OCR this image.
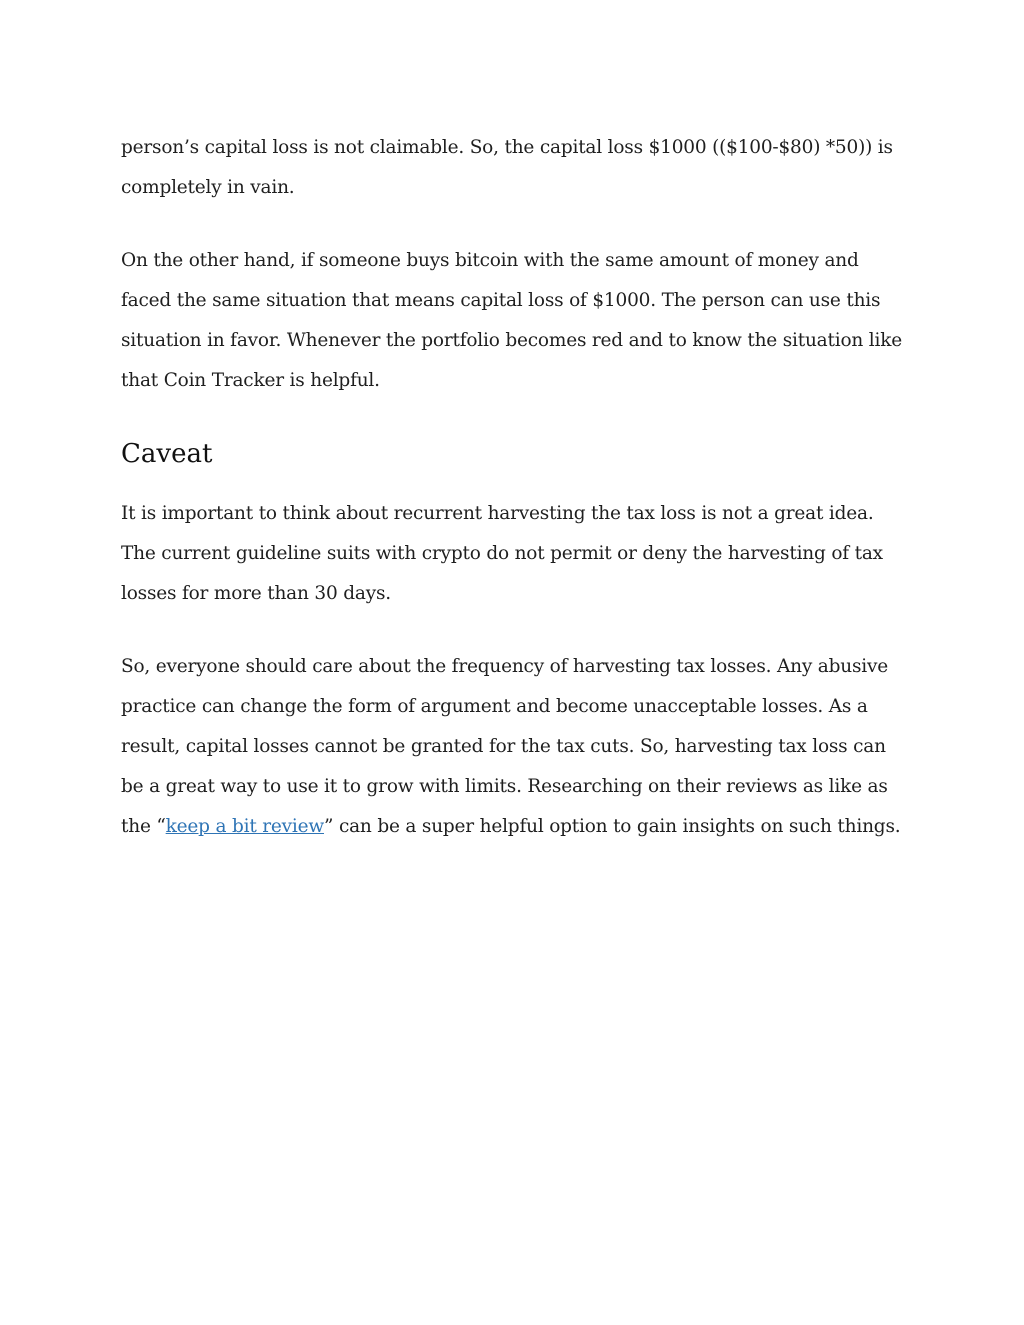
person’s capital loss is not claimable. So, the capital loss $1000 (($100-$80) *50)) is completely in vain.

On the other hand, if someone buys bitcoin with the same amount of money and faced the same situation that means capital loss of $1000. The person can use this situation in favor. Whenever the portfolio becomes red and to know the situation like that Coin Tracker is helpful.

Caveat

It is important to think about recurrent harvesting the tax loss is not a great idea. The current guideline suits with crypto do not permit or deny the harvesting of tax losses for more than 30 days.

So, everyone should care about the frequency of harvesting tax losses. Any abusive practice can change the form of argument and become unacceptable losses. As a result, capital losses cannot be granted for the tax cuts. So, harvesting tax loss can be a great way to use it to grow with limits. Researching on their reviews as like as the “keep a bit review” can be a super helpful option to gain insights on such things.
